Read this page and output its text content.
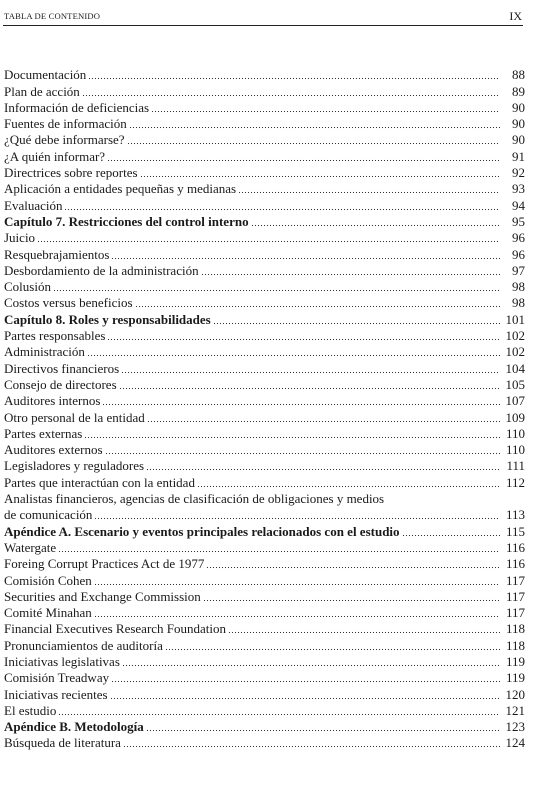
TABLA DE CONTENIDO	IX
Documentación	88
Plan de acción	89
Información de deficiencias	90
Fuentes de información	90
¿Qué debe informarse?	90
¿A quién informar?	91
Directrices sobre reportes	92
Aplicación a entidades pequeñas y medianas	93
Evaluación	94
Capítulo 7. Restricciones del control interno	95
Juicio	96
Resquebrajamientos	96
Desbordamiento de la administración	97
Colusión	98
Costos versus beneficios	98
Capítulo 8. Roles y responsabilidades	101
Partes responsables	102
Administración	102
Directivos financieros	104
Consejo de directores	105
Auditores internos	107
Otro personal de la entidad	109
Partes externas	110
Auditores externos	110
Legisladores y reguladores	111
Partes que interactúan con la entidad	112
Analistas financieros, agencias de clasificación de obligaciones y medios
de comunicación	113
Apéndice A. Escenario y eventos principales relacionados con el estudio	115
Watergate	116
Foreing Corrupt Practices Act de 1977	116
Comisión Cohen	117
Securities and Exchange Commission	117
Comité Minahan	117
Financial Executives Research Foundation	118
Pronunciamientos de auditoría	118
Iniciativas legislativas	119
Comisión Treadway	119
Iniciativas recientes	120
El estudio	121
Apéndice B. Metodología	123
Búsqueda de literatura	124
